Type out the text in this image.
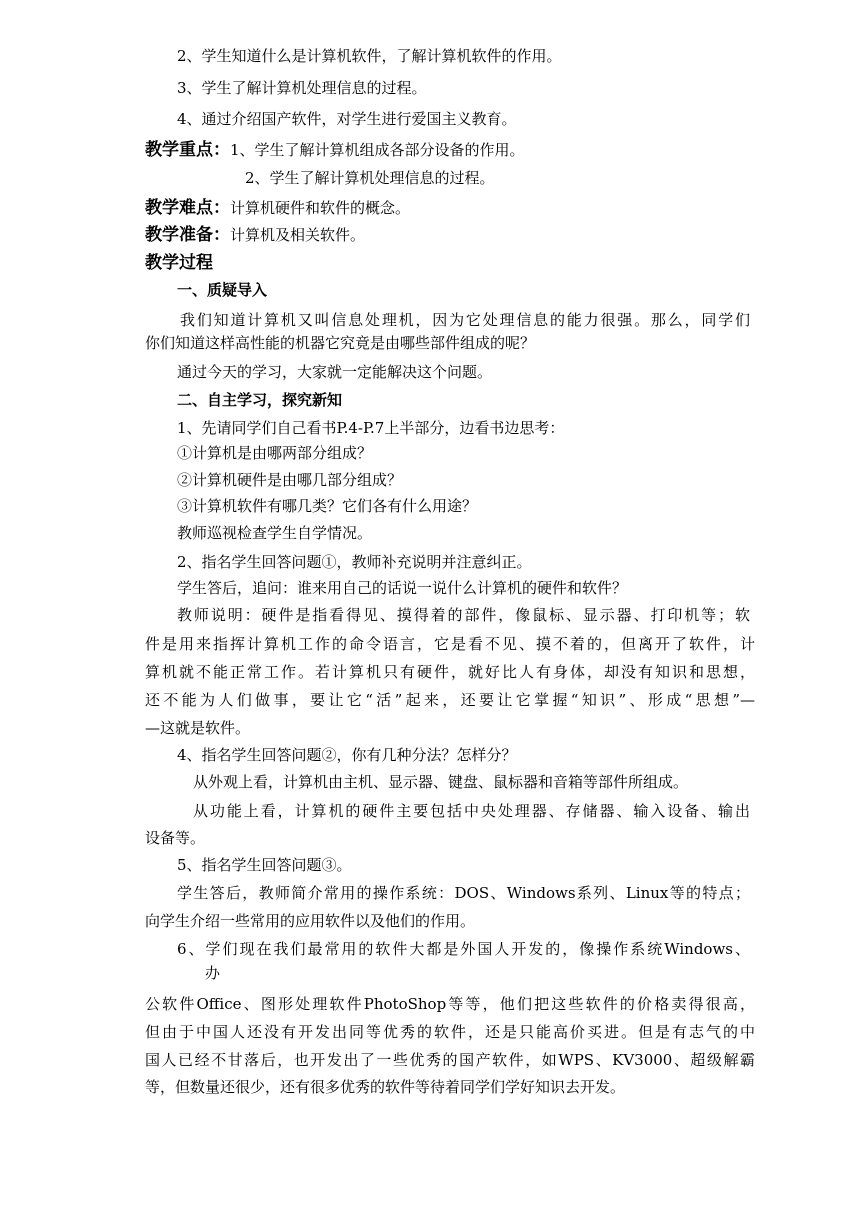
2、学生知道什么是计算机软件，了解计算机软件的作用。
3、学生了解计算机处理信息的过程。
4、通过介绍国产软件，对学生进行爱国主义教育。
教学重点：1、学生了解计算机组成各部分设备的作用。
2、学生了解计算机处理信息的过程。
教学难点：计算机硬件和软件的概念。
教学准备：计算机及相关软件。
教学过程
一、质疑导入
我们知道计算机又叫信息处理机，因为它处理信息的能力很强。那么，同学们
你们知道这样高性能的机器它究竟是由哪些部件组成的呢？
通过今天的学习，大家就一定能解决这个问题。
二、自主学习，探究新知
1、先请同学们自己看书P.4-P.7上半部分，边看书边思考：
①计算机是由哪两部分组成？
②计算机硬件是由哪几部分组成？
③计算机软件有哪几类？它们各有什么用途？
教师巡视检查学生自学情况。
2、指名学生回答问题①，教师补充说明并注意纠正。
学生答后，追问：谁来用自己的话说一说什么计算机的硬件和软件？
教师说明：硬件是指看得见、摸得着的部件，像鼠标、显示器、打印机等；软
件是用来指挥计算机工作的命令语言，它是看不见、摸不着的，但离开了软件，计
算机就不能正常工作。若计算机只有硬件，就好比人有身体，却没有知识和思想，
还不能为人们做事，要让它“活”起来，还要让它掌握“知识”、形成“思想”—
—这就是软件。
4、指名学生回答问题②，你有几种分法？怎样分？
从外观上看，计算机由主机、显示器、键盘、鼠标器和音箱等部件所组成。
从功能上看，计算机的硬件主要包括中央处理器、存储器、输入设备、输出
设备等。
5、指名学生回答问题③。
学生答后，教师简介常用的操作系统：DOS、Windows系列、Linux等的特点；
向学生介绍一些常用的应用软件以及他们的作用。
6、学们现在我们最常用的软件大都是外国人开发的，像操作系统Windows、
办
公软件Office、图形处理软件PhotoShop等等，他们把这些软件的价格卖得很高，
但由于中国人还没有开发出同等优秀的软件，还是只能高价买进。但是有志气的中
国人已经不甘落后，也开发出了一些优秀的国产软件，如WPS、KV3000、超级解霸
等，但数量还很少，还有很多优秀的软件等待着同学们学好知识去开发。
